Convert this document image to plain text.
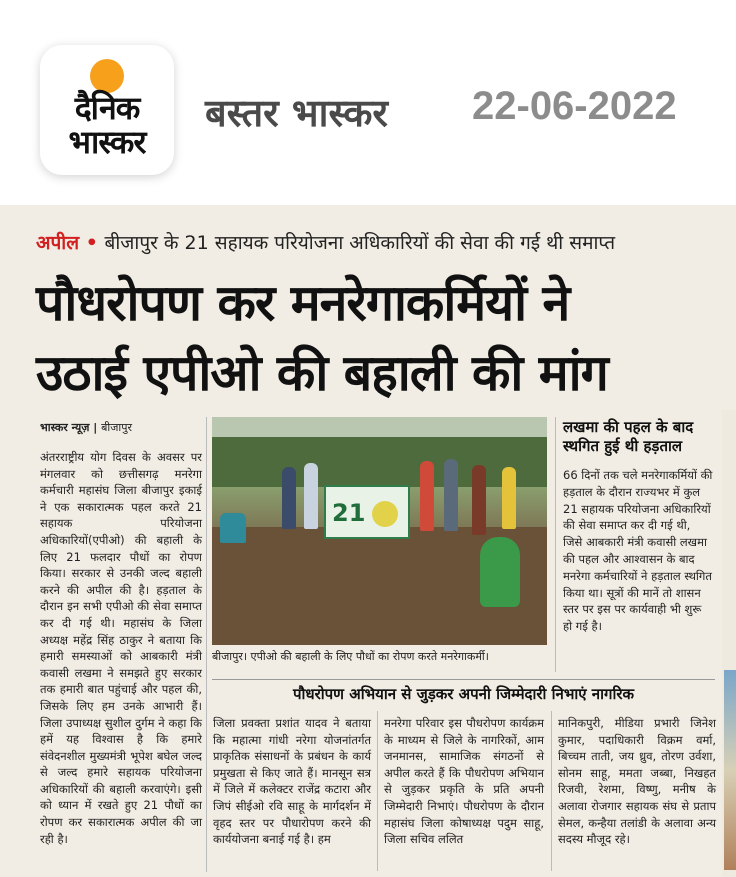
दैनिक
भास्कर
बस्तर भास्कर 22-06-2022
अपील • बीजापुर के 21 सहायक परियोजना अधिकारियों की सेवा की गई थी समाप्त
पौधरोपण कर मनरेगाकर्मियों ने
उठाई एपीओ की बहाली की मांग
भास्कर न्यूज़ | बीजापुर
अंतरराष्ट्रीय योग दिवस के अवसर पर मंगलवार को छत्तीसगढ़ मनरेगा कर्मचारी महासंघ जिला बीजापुर इकाई ने एक सकारात्मक पहल करते 21 सहायक परियोजना अधिकारियों(एपीओ) की बहाली के लिए 21 फलदार पौधों का रोपण किया। सरकार से उनकी जल्द बहाली करने की अपील की है। हड़ताल के दौरान इन सभी एपीओ की सेवा समाप्त कर दी गई थी। महासंघ के जिला अध्यक्ष महेंद्र सिंह ठाकुर ने बताया कि हमारी समस्याओं को आबकारी मंत्री कवासी लखमा ने समझते हुए सरकार तक हमारी बात पहुंचाई और पहल की, जिसके लिए हम उनके आभारी हैं। जिला उपाध्यक्ष सुशील दुर्गम ने कहा कि हमें यह विश्वास है कि हमारे संवेदनशील मुख्यमंत्री भूपेश बघेल जल्द से जल्द हमारे सहायक परियोजना अधिकारियों की बहाली करवाएंगे। इसी को ध्यान में रखते हुए 21 पौधों का रोपण कर सकारात्मक अपील की जा रही है।
21
बीजापुर। एपीओ की बहाली के लिए पौधों का रोपण करते मनरेगाकर्मी।
लखमा की पहल के बाद स्थगित हुई थी हड़ताल
66 दिनों तक चले मनरेगाकर्मियों की हड़ताल के दौरान राज्यभर में कुल 21 सहायक परियोजना अधिकारियों की सेवा समाप्त कर दी गई थी, जिसे आबकारी मंत्री कवासी लखमा की पहल और आश्वासन के बाद मनरेगा कर्मचारियों ने हड़ताल स्थगित किया था। सूत्रों की मानें तो शासन स्तर पर इस पर कार्यवाही भी शुरू हो गई है।
पौधरोपण अभियान से जुड़कर अपनी जिम्मेदारी निभाएं नागरिक
जिला प्रवक्ता प्रशांत यादव ने बताया कि महात्मा गांधी नरेगा योजनांतर्गत प्राकृतिक संसाधनों के प्रबंधन के कार्य प्रमुखता से किए जाते हैं। मानसून सत्र में जिले में कलेक्टर राजेंद्र कटारा और जिपं सीईओ रवि साहू के मार्गदर्शन में वृहद स्तर पर पौधारोपण करने की कार्ययोजना बनाई गई है। हम
मनरेगा परिवार इस पौधरोपण कार्यक्रम के माध्यम से जिले के नागरिकों, आम जनमानस, सामाजिक संगठनों से अपील करते हैं कि पौधरोपण अभियान से जुड़कर प्रकृति के प्रति अपनी जिम्मेदारी निभाएं। पौधरोपण के दौरान महासंघ जिला कोषाध्यक्ष पदुम साहू, जिला सचिव ललित
मानिकपुरी, मीडिया प्रभारी जिनेश कुमार, पदाधिकारी विक्रम वर्मा, बिच्चम ताती, जय ध्रुव, तोरण उर्वशा, सोनम साहू, ममता जब्बा, निखहत रिजवी, रेशमा, विष्णु, मनीष के अलावा रोजगार सहायक संघ से प्रताप सेमल, कन्हैया तलांडी के अलावा अन्य सदस्य मौजूद रहे।
